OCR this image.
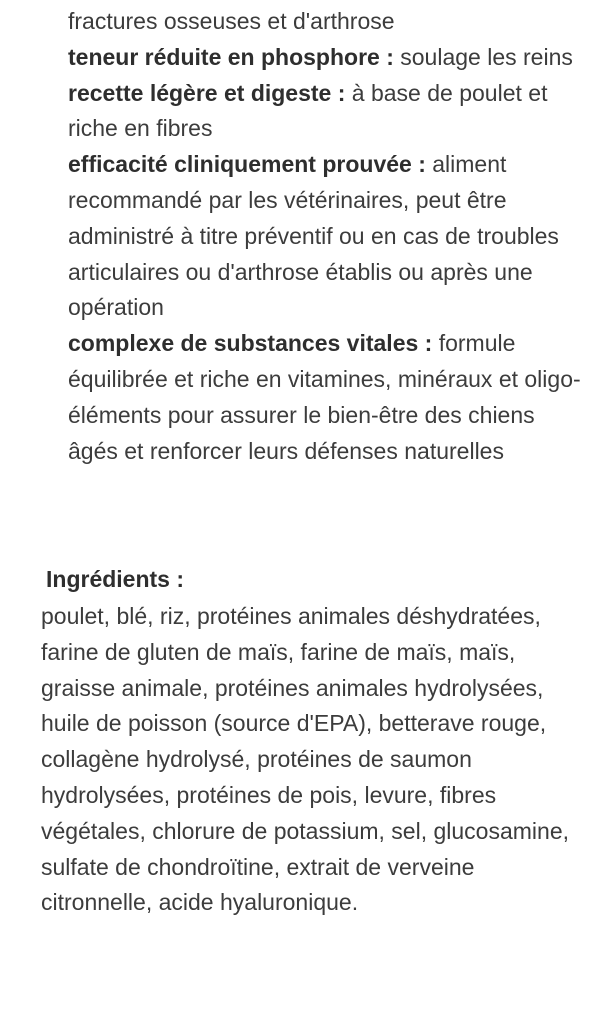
fractures osseuses et d'arthrose
teneur réduite en phosphore : soulage les reins
recette légère et digeste : à base de poulet et riche en fibres
efficacité cliniquement prouvée : aliment recommandé par les vétérinaires, peut être administré à titre préventif ou en cas de troubles articulaires ou d'arthrose établis ou après une opération
complexe de substances vitales : formule équilibrée et riche en vitamines, minéraux et oligo-éléments pour assurer le bien-être des chiens âgés et renforcer leurs défenses naturelles
Ingrédients :

poulet, blé, riz, protéines animales déshydratées, farine de gluten de maïs, farine de maïs, maïs, graisse animale, protéines animales hydrolysées, huile de poisson (source d'EPA), betterave rouge, collagène hydrolysé, protéines de saumon hydrolysées, protéines de pois, levure, fibres végétales, chlorure de potassium, sel, glucosamine, sulfate de chondroïtine, extrait de verveine citronnelle, acide hyaluronique.
